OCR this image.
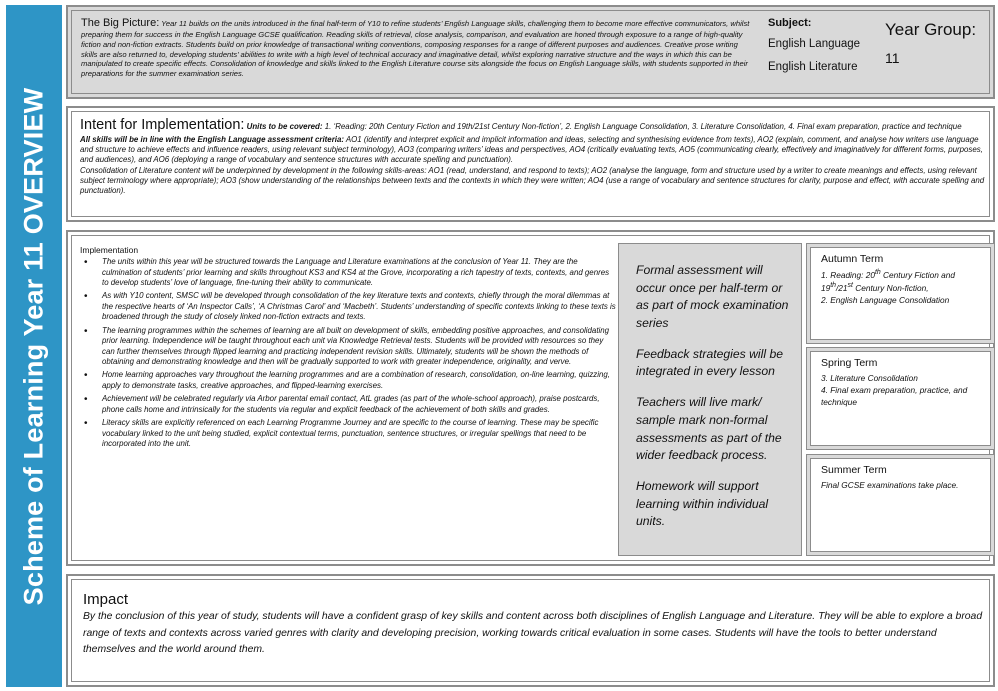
Scheme of Learning Year 11 OVERVIEW
The Big Picture: Year 11 builds on the units introduced in the final half-term of Y10 to refine students’ English Language skills, challenging them to become more effective communicators, whilst preparing them for success in the English Language GCSE qualification. Reading skills of retrieval, close analysis, comparison, and evaluation are honed through exposure to a range of high-quality fiction and non-fiction extracts. Students build on prior knowledge of transactional writing conventions, composing responses for a range of different purposes and audiences. Creative prose writing skills are also returned to, developing students’ abilities to write with a high level of technical accuracy and imaginative detail, whilst exploring narrative structure and the ways in which this can be manipulated to create specific effects. Consolidation of knowledge and skills linked to the English Literature course sits alongside the focus on English Language skills, with students supported in their preparations for the summer examination series.
Subject:
English Language
English Literature
Year Group:
11

Intent for Implementation: Units to be covered: 1. ‘Reading: 20th Century Fiction and 19th/21st Century Non-fiction’, 2. English Language Consolidation, 3. Literature Consolidation, 4. Final exam preparation, practice and technique

All skills will be in line with the English Language assessment criteria: AO1 (identify and interpret explicit and implicit information and ideas, selecting and synthesising evidence from texts), AO2 (explain, comment, and analyse how writers use language and structure to achieve effects and influence readers, using relevant subject terminology), AO3 (comparing writers’ ideas and perspectives, AO4 (critically evaluating texts, AO5 (communicating clearly, effectively and imaginatively for different forms, purposes, and audiences), and AO6 (deploying a range of vocabulary and sentence structures with accurate spelling and punctuation).

Consolidation of Literature content will be underpinned by development in the following skills-areas: AO1 (read, understand, and respond to texts); AO2 (analyse the language, form and structure used by a writer to create meanings and effects, using relevant subject terminology where appropriate); AO3 (show understanding of the relationships between texts and the contexts in which they were written; AO4 (use a range of vocabulary and sentence structures for clarity, purpose and effect, with accurate spelling and punctuation).

Implementation
• The units within this year will be structured towards the Language and Literature examinations at the conclusion of Year 11. They are the culmination of students’ prior learning and skills throughout KS3 and KS4 at the Grove, incorporating a rich tapestry of texts, contexts, and genres to develop students’ love of language, fine-tuning their ability to communicate.
• As with Y10 content, SMSC will be developed through consolidation of the key literature texts and contexts, chiefly through the moral dilemmas at the respective hearts of ‘An Inspector Calls’, ‘A Christmas Carol’ and ‘Macbeth’. Students’ understanding of specific contexts linking to these texts is broadened through the study of closely linked non-fiction extracts and texts.
• The learning programmes within the schemes of learning are all built on development of skills, embedding positive approaches, and consolidating prior learning. Independence will be taught throughout each unit via Knowledge Retrieval tests. Students will be provided with resources so they can further themselves through flipped learning and practicing independent revision skills. Ultimately, students will be shown the methods of obtaining and demonstrating knowledge and then will be gradually supported to work with greater independence, originality, and verve.
• Home learning approaches vary throughout the learning programmes and are a combination of research, consolidation, on-line learning, quizzing, apply to demonstrate tasks, creative approaches, and flipped-learning exercises.
• Achievement will be celebrated regularly via Arbor parental email contact, AtL grades (as part of the whole-school approach), praise postcards, phone calls home and intrinsically for the students via regular and explicit feedback of the achievement of both skills and grades.
• Literacy skills are explicitly referenced on each Learning Programme Journey and are specific to the course of learning. These may be specific vocabulary linked to the unit being studied, explicit contextual terms, punctuation, sentence structures, or irregular spellings that need to be incorporated into the unit.

Formal assessment will occur once per half-term or as part of mock examination series

Feedback strategies will be integrated in every lesson

Teachers will live mark/ sample mark non-formal assessments as part of the wider feedback process.

Homework will support learning within individual units.

Autumn Term
1. Reading: 20th Century Fiction and 19th/21st Century Non-fiction,
2. English Language Consolidation
Spring Term
3. Literature Consolidation
4. Final exam preparation, practice, and technique
Summer Term
Final GCSE examinations take place.
Impact
By the conclusion of this year of study, students will have a confident grasp of key skills and content across both disciplines of English Language and Literature. They will be able to explore a broad range of texts and contexts across varied genres with clarity and developing precision, working towards critical evaluation in some cases. Students will have the tools to better understand themselves and the world around them.
